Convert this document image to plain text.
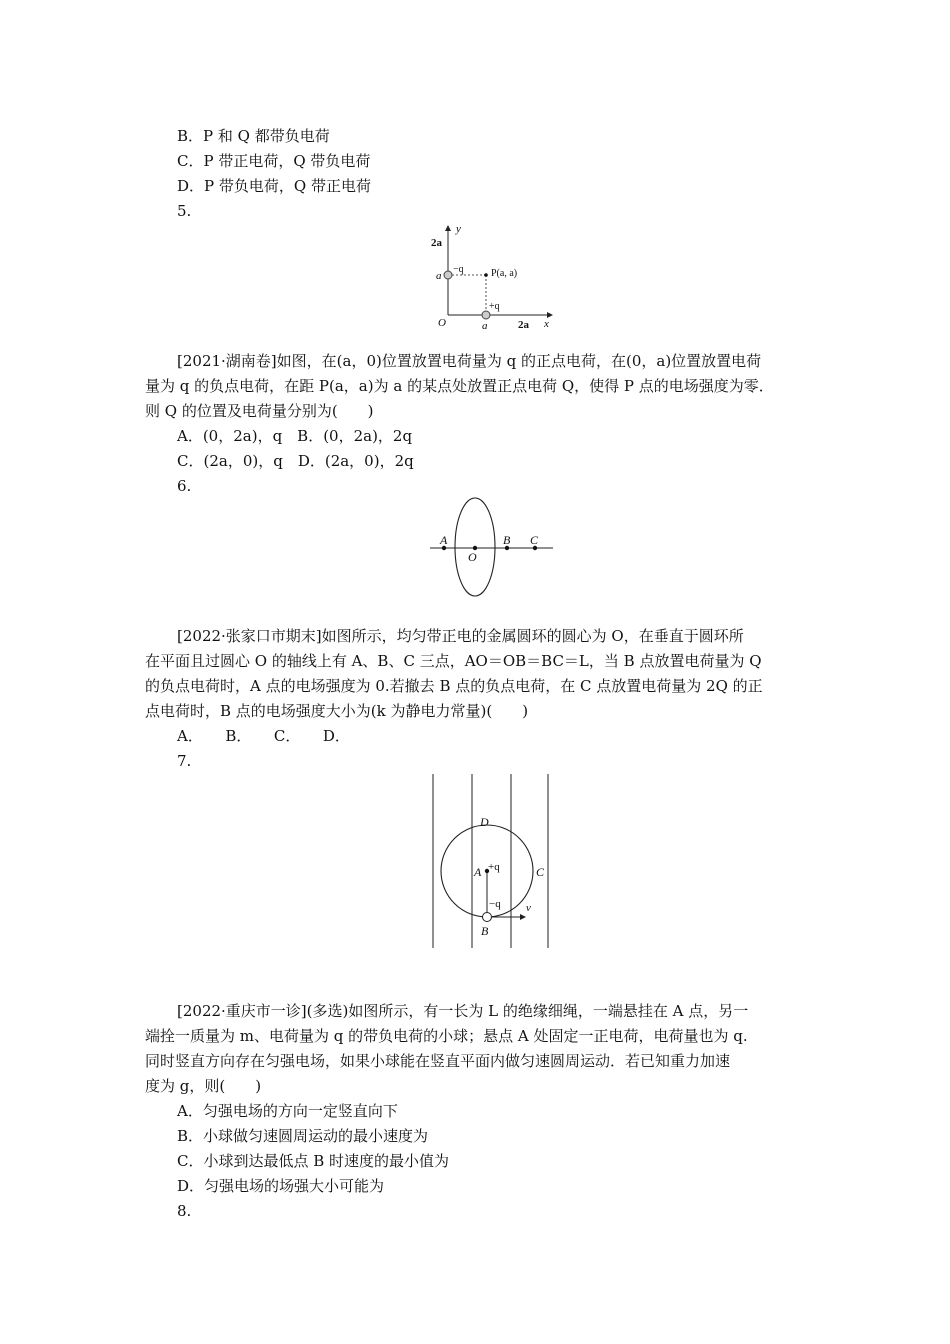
B．P 和 Q 都带负电荷
C．P 带正电荷，Q 带负电荷
D．P 带负电荷，Q 带正电荷
5.
y
x
2a
a
O	a	2a
−q
+q
P(a, a)
[2021·湖南卷]如图，在(a，0)位置放置电荷量为 q 的正点电荷，在(0，a)位置放置电荷
量为 q 的负点电荷，在距 P(a，a)为 a 的某点处放置正点电荷 Q，使得 P 点的电场强度为零．
则 Q 的位置及电荷量分别为(　　)
A．(0，2a)，q　B．(0，2a)，2q
C．(2a，0)，q　D．(2a，0)，2q
6.
A
O
B C
[2022·张家口市期末]如图所示，均匀带正电的金属圆环的圆心为 O，在垂直于圆环所
在平面且过圆心 O 的轴线上有 A、B、C 三点，AO＝OB＝BC＝L，当 B 点放置电荷量为 Q
的负点电荷时，A 点的电场强度为 0.若撤去 B 点的负点电荷，在 C 点放置电荷量为 2Q 的正
点电荷时，B 点的电场强度大小为(k 为静电力常量)(　　)
A．　　B．　　C．　　D．
7.
D
A +q	C
−q v
B
[2022·重庆市一诊](多选)如图所示，有一长为 L 的绝缘细绳，一端悬挂在 A 点，另一
端拴一质量为 m、电荷量为 q 的带负电荷的小球；悬点 A 处固定一正电荷，电荷量也为 q.
同时竖直方向存在匀强电场，如果小球能在竖直平面内做匀速圆周运动．若已知重力加速
度为 g，则(　　)
A．匀强电场的方向一定竖直向下
B．小球做匀速圆周运动的最小速度为
C．小球到达最低点 B 时速度的最小值为
D．匀强电场的场强大小可能为
8.
